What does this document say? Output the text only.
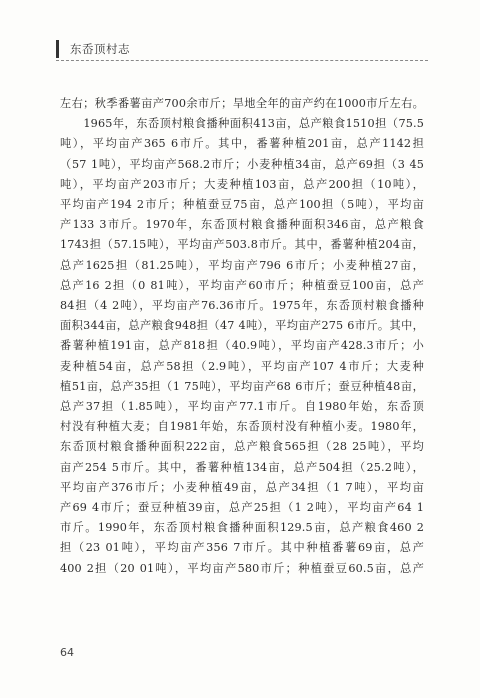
东岙顶村志
左右；秋季番薯亩产700余市斤；旱地全年的亩产约在1000市斤左右。
　　1965年，东岙顶村粮食播种面积413亩，总产粮食1510担（75.5
吨），平均亩产365 6市斤。其中，番薯种植201亩，总产1142担
（57 1吨），平均亩产568.2市斤；小麦种植34亩，总产69担（3 45
吨），平均亩产203市斤；大麦种植103亩，总产200担（10吨），
平均亩产194 2市斤；种植蚕豆75亩，总产100担（5吨），平均亩
产133 3市斤。1970年，东岙顶村粮食播种面积346亩，总产粮食
1743担（57.15吨），平均亩产503.8市斤。其中，番薯种植204亩，
总产1625担（81.25吨），平均亩产796 6市斤；小麦种植27亩，
总产16 2担（0 81吨），平均亩产60市斤；种植蚕豆100亩，总产
84担（4 2吨），平均亩产76.36市斤。1975年，东岙顶村粮食播种
面积344亩，总产粮食948担（47 4吨），平均亩产275 6市斤。其中，
番薯种植191亩，总产818担（40.9吨），平均亩产428.3市斤；小
麦种植54亩，总产58担（2.9吨），平均亩产107 4市斤；大麦种
植51亩，总产35担（1 75吨），平均亩产68 6市斤；蚕豆种植48亩，
总产37担（1.85吨），平均亩产77.1市斤。自1980年始，东岙顶
村没有种植大麦；自1981年始，东岙顶村没有种植小麦。1980年，
东岙顶村粮食播种面积222亩，总产粮食565担（28 25吨），平均
亩产254 5市斤。其中，番薯种植134亩，总产504担（25.2吨），
平均亩产376市斤；小麦种植49亩，总产34担（1 7吨），平均亩
产69 4市斤；蚕豆种植39亩，总产25担（1 2吨），平均亩产64 1
市斤。1990年，东岙顶村粮食播种面积129.5亩，总产粮食460 2
担（23 01吨），平均亩产356 7市斤。其中种植番薯69亩，总产
400 2担（20 01吨），平均亩产580市斤；种植蚕豆60.5亩，总产
64
